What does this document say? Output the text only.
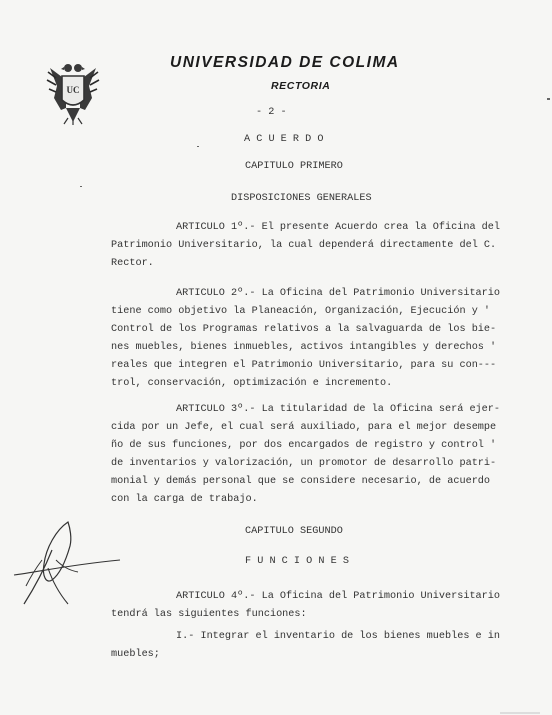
UC
UNIVERSIDAD DE COLIMA
RECTORIA
- 2 -
A C U E R D O
CAPITULO PRIMERO
DISPOSICIONES GENERALES
ARTICULO 1º.- El presente Acuerdo crea la Oficina del
Patrimonio Universitario, la cual dependerá directamente del C.
Rector.
ARTICULO 2º.- La Oficina del Patrimonio Universitario
tiene como objetivo la Planeación, Organización, Ejecución y '
Control de los Programas relativos a la salvaguarda de los bie-
nes muebles, bienes inmuebles, activos intangibles y derechos '
reales que integren el Patrimonio Universitario, para su con---
trol, conservación, optimización e incremento.
ARTICULO 3º.- La titularidad de la Oficina será ejer-
cida por un Jefe, el cual será auxiliado, para el mejor desempe
ño de sus funciones, por dos encargados de registro y control '
de inventarios y valorización, un promotor de desarrollo patri-
monial y demás personal que se considere necesario, de acuerdo
con la carga de trabajo.
CAPITULO SEGUNDO
F U N C I O N E S
ARTICULO 4º.- La Oficina del Patrimonio Universitario
tendrá las siguientes funciones:
I.- Integrar el inventario de los bienes muebles e in
muebles;
